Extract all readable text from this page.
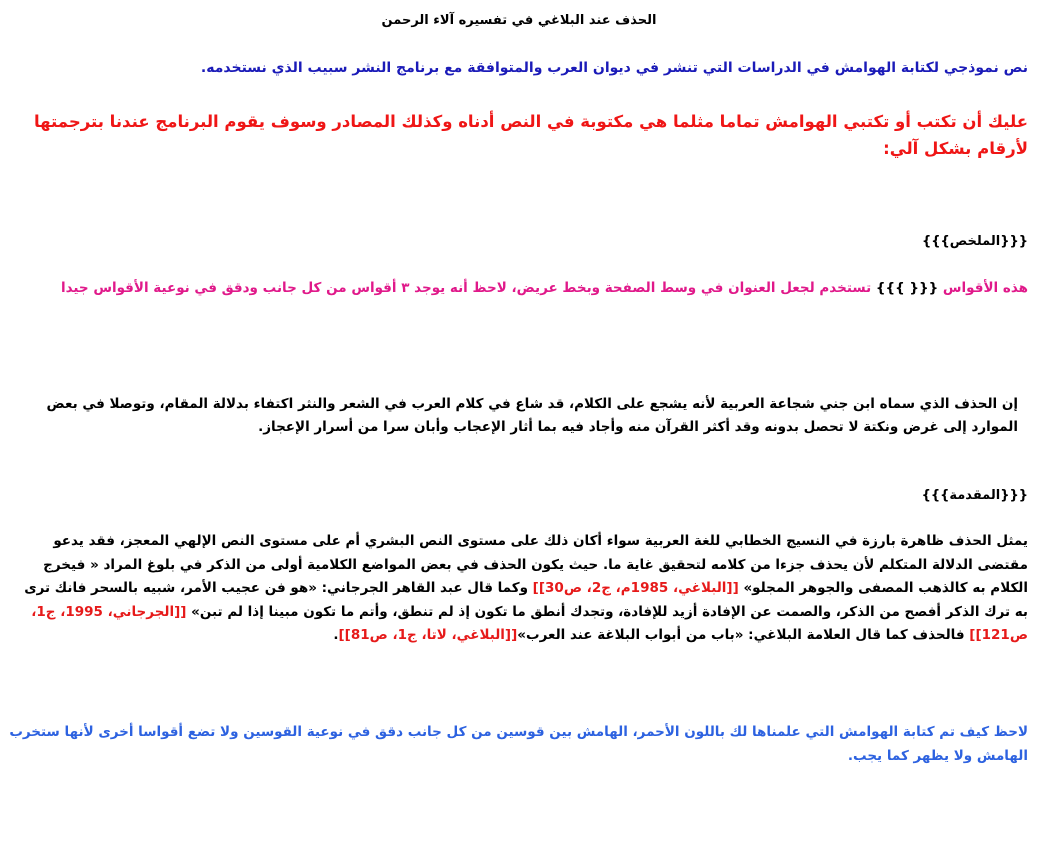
الحذف عند البلاغي في تفسيره آلاء الرحمن

نص نموذجي لكتابة الهوامش في الدراسات التي تنشر في ديوان العرب والمتوافقة مع برنامج النشر سبيب الذي نستخدمه.

عليك أن تكتب أو تكتبي الهوامش تماما مثلما هي مكتوبة في النص أدناه وكذلك المصادر وسوف يقوم البرنامج عندنا بترجمتها لأرقام بشكل آلي:

{{{الملخص}}}

هذه الأقواس {{{ }}} تستخدم لجعل العنوان في وسط الصفحة وبخط عريض، لاحظ أنه يوجد ٣ أقواس من كل جانب ودقق في نوعية الأقواس جيدا

إن الحذف الذي سماه ابن جني شجاعة العربية لأنه يشجع على الكلام، قد شاع في كلام العرب في الشعر والنثر اكتفاء بدلالة المقام، وتوصلا في بعض الموارد إلى غرض ونكتة لا تحصل بدونه وقد أكثر القرآن منه وأجاد فيه بما أثار الإعجاب وأبان سرا من أسرار الإعجاز.

{{{المقدمة}}}

يمثل الحذف ظاهرة بارزة في النسيج الخطابي للغة العربية سواء أكان ذلك على مستوى النص البشري أم على مستوى النص الإلهي المعجز، فقد يدعو مقتضى الدلالة المتكلم لأن يحذف جزءا من كلامه لتحقيق غاية ما. حيث يكون الحذف في بعض المواضع الكلامية أولى من الذكر في بلوغ المراد « فيخرج الكلام به كالذهب المصفى والجوهر المجلو» [[البلاغي، 1985م، ج2، ص30]] وكما قال عبد القاهر الجرجاني: «هو فن عجيب الأمر، شبيه بالسحر فانك ترى به ترك الذكر أفصح من الذكر، والصمت عن الإفادة أزيد للإفادة، وتجدك أنطق ما تكون إذ لم تنطق، وأتم ما تكون مبينا إذا لم تبن» [[الجرجاني، 1995، ج1، ص121]] فالحذف كما قال العلامة البلاغي: «باب من أبواب البلاغة عند العرب»[[البلاغي، لاتا، ج1، ص81]].

لاحظ كيف تم كتابة الهوامش التي علمناها لك باللون الأحمر، الهامش بين قوسين من كل جانب دقق في نوعية القوسين ولا تضع أقواسا أخرى لأنها ستخرب الهامش ولا يظهر كما يجب.
